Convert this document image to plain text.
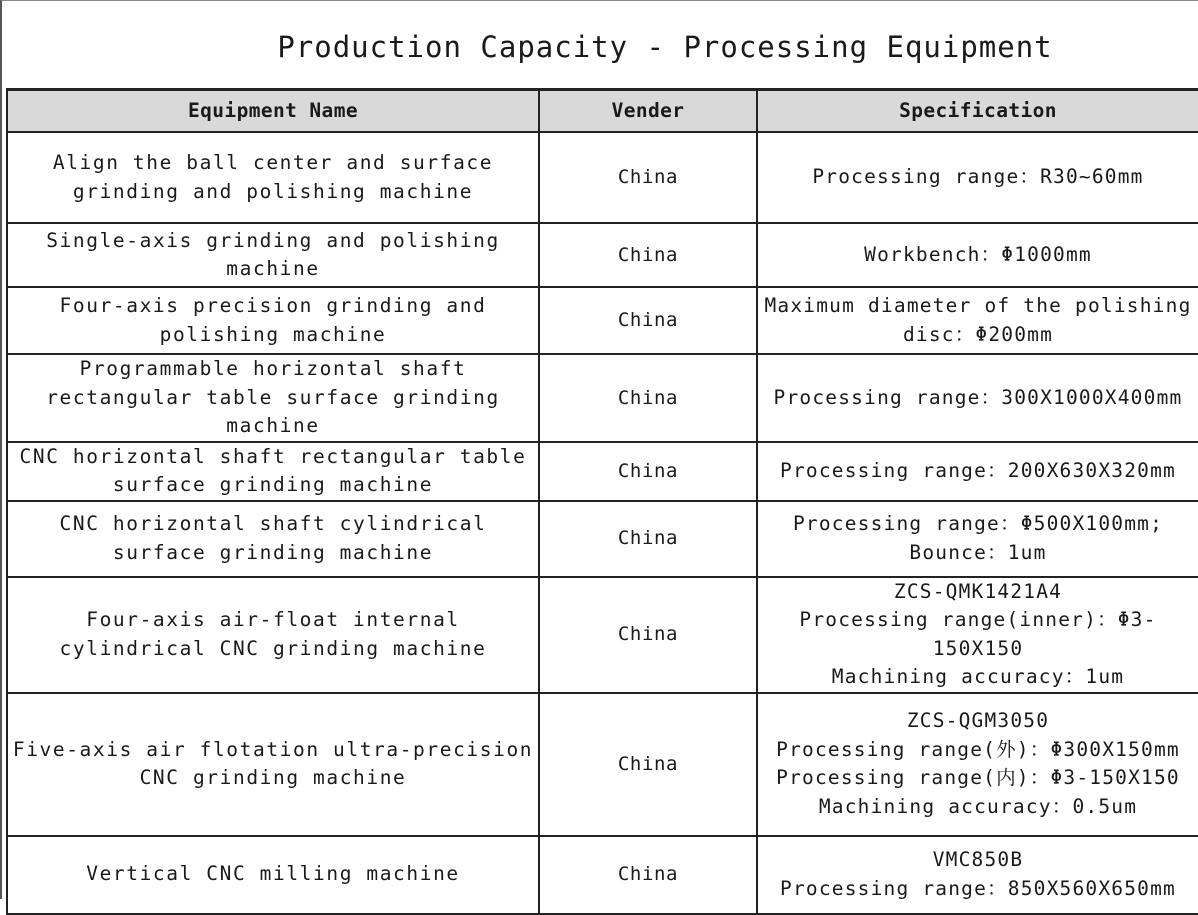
Production Capacity - Processing Equipment
Equipment Name	Vender	Specification
Align the ball center and surface grinding and polishing machine	China	Processing range：R30~60mm

Single-axis grinding and polishing machine	China	Workbench：Φ1000mm

Four-axis precision grinding and polishing machine	China	Maximum diameter of the polishing disc：Φ200mm

Programmable horizontal shaft rectangular table surface grinding machine	China	Processing range：300X1000X400mm

CNC horizontal shaft rectangular table surface grinding machine	China	Processing range：200X630X320mm

CNC horizontal shaft cylindrical surface grinding machine	China	Processing range：Φ500X100mm;
Bounce：1um

Four-axis air-float internal cylindrical CNC grinding machine	China	ZCS-QMK1421A4
Processing range(inner)：Φ3-150X150
Machining accuracy：1um

Five-axis air flotation ultra-precision CNC grinding machine	China	ZCS-QGM3050
Processing range(外)：Φ300X150mm
Processing range(内)：Φ3-150X150
Machining accuracy：0.5um

Vertical CNC milling machine	China	VMC850B
Processing range：850X560X650mm
